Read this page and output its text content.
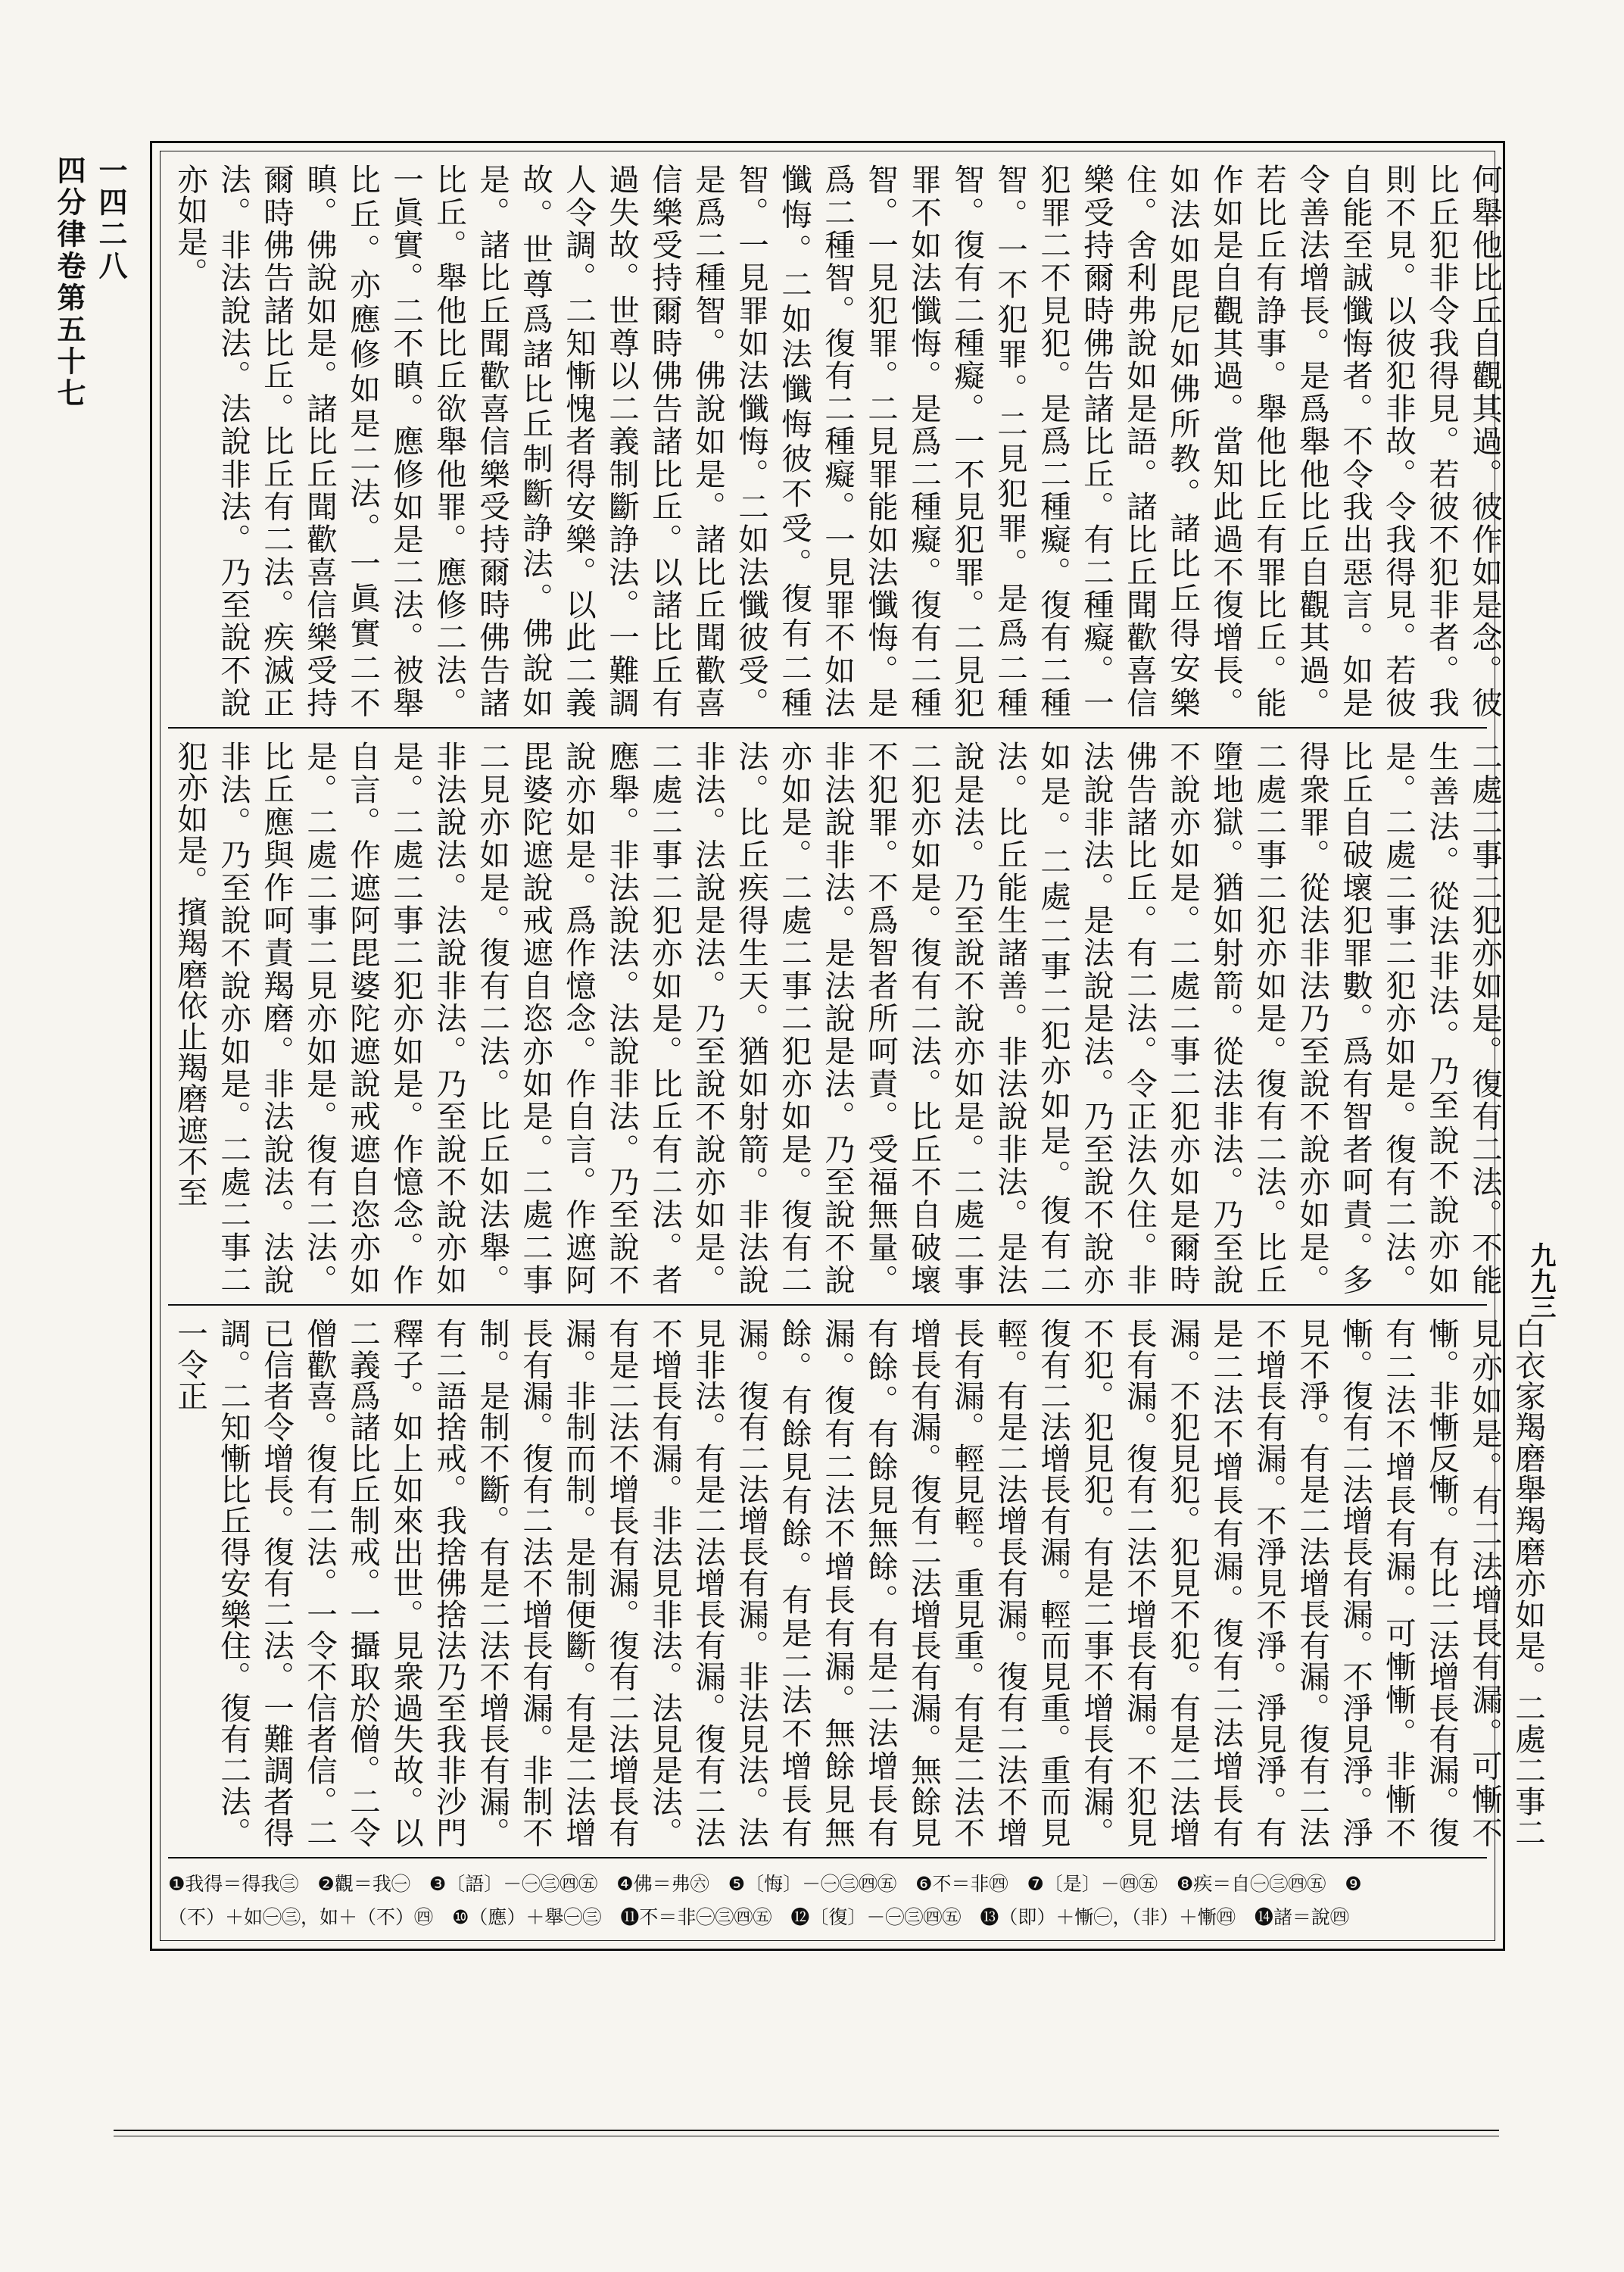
一四二八
四分律卷第五十七
九九三
何舉他比丘自觀其過。彼作如是念。彼比丘犯非令我得見。若彼不犯非者。我則不見。以彼犯非故。令我得見。若彼自能至誠懺悔者。不令我出惡言。如是令善法增長。是爲舉他比丘自觀其過。若比丘有諍事。舉他比丘有罪比丘。能作如是自觀其過。當知此過不復增長。如法如毘尼如佛所教。諸比丘得安樂住。舍利弗說如是語。諸比丘聞歡喜信樂受持爾時佛告諸比丘。有二種癡。一犯罪二不見犯。是爲二種癡。復有二種智。一不犯罪。二見犯罪。是爲二種智。復有二種癡。一不見犯罪。二見犯罪不如法懺悔。是爲二種癡。復有二種智。一見犯罪。二見罪能如法懺悔。是爲二種智。復有二種癡。一見罪不如法懺悔。二如法懺悔彼不受。復有二種智。一見罪如法懺悔。二如法懺彼受。是爲二種智。佛說如是。諸比丘聞歡喜信樂受持爾時佛告諸比丘。以諸比丘有過失故。世尊以二義制斷諍法。一難調人令調。二知慚愧者得安樂。以此二義故。世尊爲諸比丘制斷諍法。佛說如是。諸比丘聞歡喜信樂受持爾時佛告諸比丘。舉他比丘欲舉他罪。應修二法。一眞實。二不瞋。應修如是二法。被舉比丘。亦應修如是二法。一眞實二不瞋。佛說如是。諸比丘聞歡喜信樂受持爾時佛告諸比丘。比丘有二法。疾滅正法。非法說法。法說非法。乃至說不說亦如是。
二處二事二犯亦如是。復有二法。不能生善法。從法非法。乃至說不說亦如是。二處二事二犯亦如是。復有二法。比丘自破壞犯罪數。爲有智者呵責。多得衆罪。從法非法乃至說不說亦如是。二處二事二犯亦如是。復有二法。比丘墮地獄。猶如射箭。從法非法。乃至說不說亦如是。二處二事二犯亦如是爾時佛告諸比丘。有二法。令正法久住。非法說非法。是法說是法。乃至說不說亦如是。二處二事二犯亦如是。復有二法。比丘能生諸善。非法說非法。是法說是法。乃至說不說亦如是。二處二事二犯亦如是。復有二法。比丘不自破壞不犯罪。不爲智者所呵責。受福無量。非法說非法。是法說是法。乃至說不說亦如是。二處二事二犯亦如是。復有二法。比丘疾得生天。猶如射箭。非法說非法。法說是法。乃至說不說亦如是。二處二事二犯亦如是。比丘有二法。者應舉。非法說法。法說非法。乃至說不說亦如是。爲作憶念。作自言。作遮阿毘婆陀遮說戒遮自恣亦如是。二處二事二見亦如是。復有二法。比丘如法舉。非法說法。法說非法。乃至說不說亦如是。二處二事二犯亦如是。作憶念。作自言。作遮阿毘婆陀遮說戒遮自恣亦如是。二處二事二見亦如是。復有二法。比丘應與作呵責羯磨。非法說法。法說非法。乃至說不說亦如是。二處二事二犯亦如是。擯羯磨依止羯磨遮不至
白衣家羯磨舉羯磨亦如是。二處二事二見亦如是。有二法增長有漏。可慚不慚。非慚反慚。有比二法增長有漏。復有二法不增長有漏。可慚慚。非慚不慚。復有二法增長有漏。不淨見淨。淨見不淨。有是二法增長有漏。復有二法不增長有漏。不淨見不淨。淨見淨。有是二法不增長有漏。復有二法增長有漏。不犯見犯。犯見不犯。有是二法增長有漏。復有二法不增長有漏。不犯見不犯。犯見犯。有是二事不增長有漏。復有二法增長有漏。輕而見重。重而見輕。有是二法增長有漏。復有二法不增長有漏。輕見輕。重見重。有是二法不增長有漏。復有二法增長有漏。無餘見有餘。有餘見無餘。有是二法增長有漏。復有二法不增長有漏。無餘見無餘。有餘見有餘。有是二法不增長有漏。復有二法增長有漏。非法見法。法見非法。有是二法增長有漏。復有二法不增長有漏。非法見非法。法見是法。有是二法不增長有漏。復有二法增長有漏。非制而制。是制便斷。有是二法增長有漏。復有二法不增長有漏。非制不制。是制不斷。有是二法不增長有漏。有二語捨戒。我捨佛捨法乃至我非沙門釋子。如上如來出世。見衆過失故。以二義爲諸比丘制戒。一攝取於僧。二令僧歡喜。復有二法。一令不信者信。二已信者令增長。復有二法。一難調者得調。二知慚比丘得安樂住。復有二法。一令正
❶我得＝得我㊂　❷觀＝我㊀　❸〔語〕－㊀㊂㊃㊄　❹佛＝弗㊅　❺〔悔〕－㊀㊂㊃㊄　❻不＝非㊃　❼〔是〕－㊃㊄　❽疾＝自㊀㊂㊃㊄　❾
（不）＋如㊀㊂，如＋（不）㊃　❿（應）＋舉㊀㊂　⓫不＝非㊀㊂㊃㊄　⓬〔復〕－㊀㊂㊃㊄　⓭（即）＋慚㊀，（非）＋慚㊃　⓮諸＝說㊃
